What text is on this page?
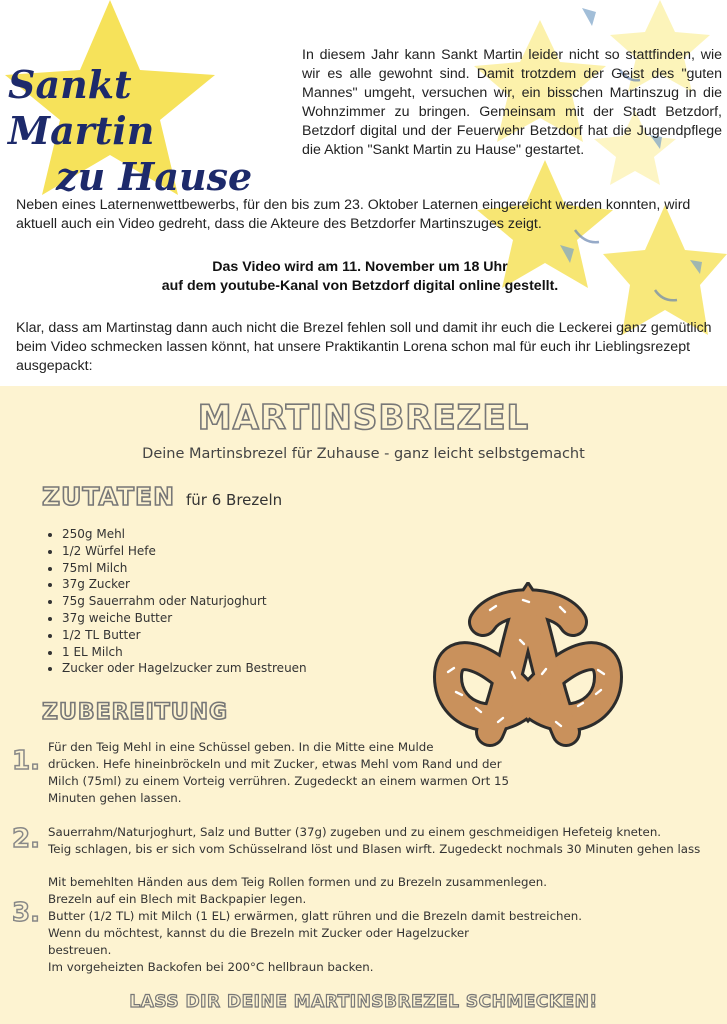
Sankt Martin
zu Hause
In diesem Jahr kann Sankt Martin leider nicht so stattfinden, wie wir es alle gewohnt sind. Damit trotzdem der Geist des "guten Mannes" umgeht, versuchen wir, ein bisschen Martinszug in die Wohnzimmer zu bringen. Gemeinsam mit der Stadt Betzdorf, Betzdorf digital und der Feuerwehr Betzdorf hat die Jugendpflege die Aktion "Sankt Martin zu Hause" gestartet.
Neben eines Laternenwettbewerbs, für den bis zum 23. Oktober Laternen eingereicht werden konnten, wird aktuell auch ein Video gedreht, dass die Akteure des Betzdorfer Martinszuges zeigt.
Das Video wird am 11. November um 18 Uhr
auf dem youtube-Kanal von Betzdorf digital online gestellt.
Klar, dass am Martinstag dann auch nicht die Brezel fehlen soll und damit ihr euch die Leckerei ganz gemütlich beim Video schmecken lassen könnt, hat unsere Praktikantin Lorena schon mal für euch ihr Lieblingsrezept ausgepackt:
MARTINSBREZEL
Deine Martinsbrezel für Zuhause - ganz leicht selbstgemacht
ZUTATEN für 6 Brezeln
• 250g Mehl
• 1/2 Würfel Hefe
• 75ml Milch
• 37g Zucker
• 75g Sauerrahm oder Naturjoghurt
• 37g weiche Butter
• 1/2 TL Butter
• 1 EL Milch
• Zucker oder Hagelzucker zum Bestreuen
ZUBEREITUNG
1. Für den Teig Mehl in eine Schüssel geben. In die Mitte eine Mulde
drücken. Hefe hineinbröckeln und mit Zucker, etwas Mehl vom Rand und der
Milch (75ml) zu einem Vorteig verrühren. Zugedeckt an einem warmen Ort 15
Minuten gehen lassen.
2. Sauerrahm/Naturjoghurt, Salz und Butter (37g) zugeben und zu einem geschmeidigen Hefeteig kneten.
Teig schlagen, bis er sich vom Schüsselrand löst und Blasen wirft. Zugedeckt nochmals 30 Minuten gehen lass
3.
Mit bemehlten Händen aus dem Teig Rollen formen und zu Brezeln zusammenlegen.
Brezeln auf ein Blech mit Backpapier legen.
Butter (1/2 TL) mit Milch (1 EL) erwärmen, glatt rühren und die Brezeln damit bestreichen.
Wenn du möchtest, kannst du die Brezeln mit Zucker oder Hagelzucker
bestreuen.
Im vorgeheizten Backofen bei 200°C hellbraun backen.
LASS DIR DEINE MARTINSBREZEL SCHMECKEN!
